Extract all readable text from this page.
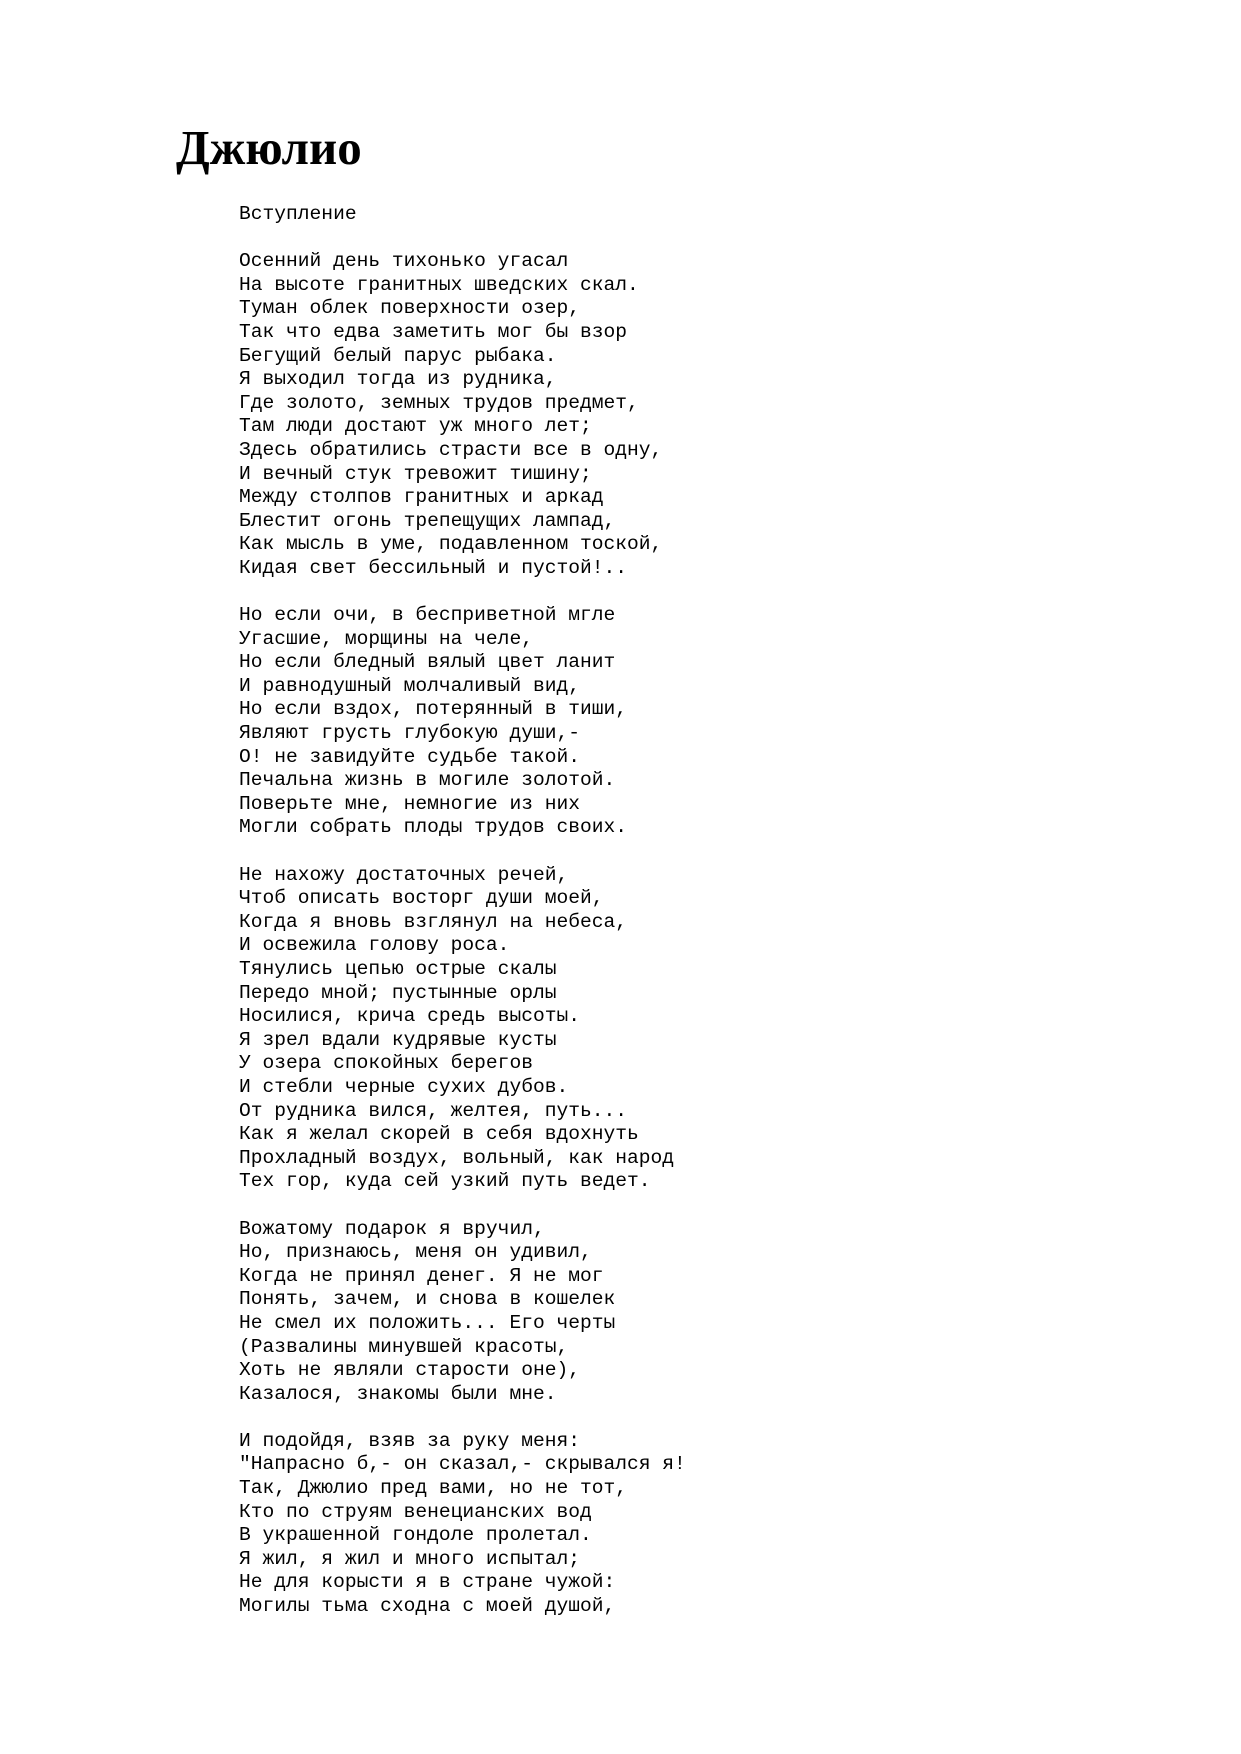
Джюлио
Вступление
Осенний день тихонько угасал
На высоте гранитных шведских скал.
Туман облек поверхности озер,
Так что едва заметить мог бы взор
Бегущий белый парус рыбака.
Я выходил тогда из рудника,
Где золото, земных трудов предмет,
Там люди достают уж много лет;
Здесь обратились страсти все в одну,
И вечный стук тревожит тишину;
Между столпов гранитных и аркад
Блестит огонь трепещущих лампад,
Как мысль в уме, подавленном тоской,
Кидая свет бессильный и пустой!..
Но если очи, в бесприветной мгле
Угасшие, морщины на челе,
Но если бледный вялый цвет ланит
И равнодушный молчаливый вид,
Но если вздох, потерянный в тиши,
Являют грусть глубокую души,-
О! не завидуйте судьбе такой.
Печальна жизнь в могиле золотой.
Поверьте мне, немногие из них
Могли собрать плоды трудов своих.
Не нахожу достаточных речей,
Чтоб описать восторг души моей,
Когда я вновь взглянул на небеса,
И освежила голову роса.
Тянулись цепью острые скалы
Передо мной; пустынные орлы
Носилися, крича средь высоты.
Я зрел вдали кудрявые кусты
У озера спокойных берегов
И стебли черные сухих дубов.
От рудника вился, желтея, путь...
Как я желал скорей в себя вдохнуть
Прохладный воздух, вольный, как народ
Тех гор, куда сей узкий путь ведет.
Вожатому подарок я вручил,
Но, признаюсь, меня он удивил,
Когда не принял денег. Я не мог
Понять, зачем, и снова в кошелек
Не смел их положить... Его черты
(Развалины минувшей красоты,
Хоть не являли старости оне),
Казалося, знакомы были мне.
И подойдя, взяв за руку меня:
"Напрасно б,- он сказал,- скрывался я!
Так, Джюлио пред вами, но не тот,
Кто по струям венецианских вод
В украшенной гондоле пролетал.
Я жил, я жил и много испытал;
Не для корысти я в стране чужой:
Могилы тьма сходна с моей душой,
